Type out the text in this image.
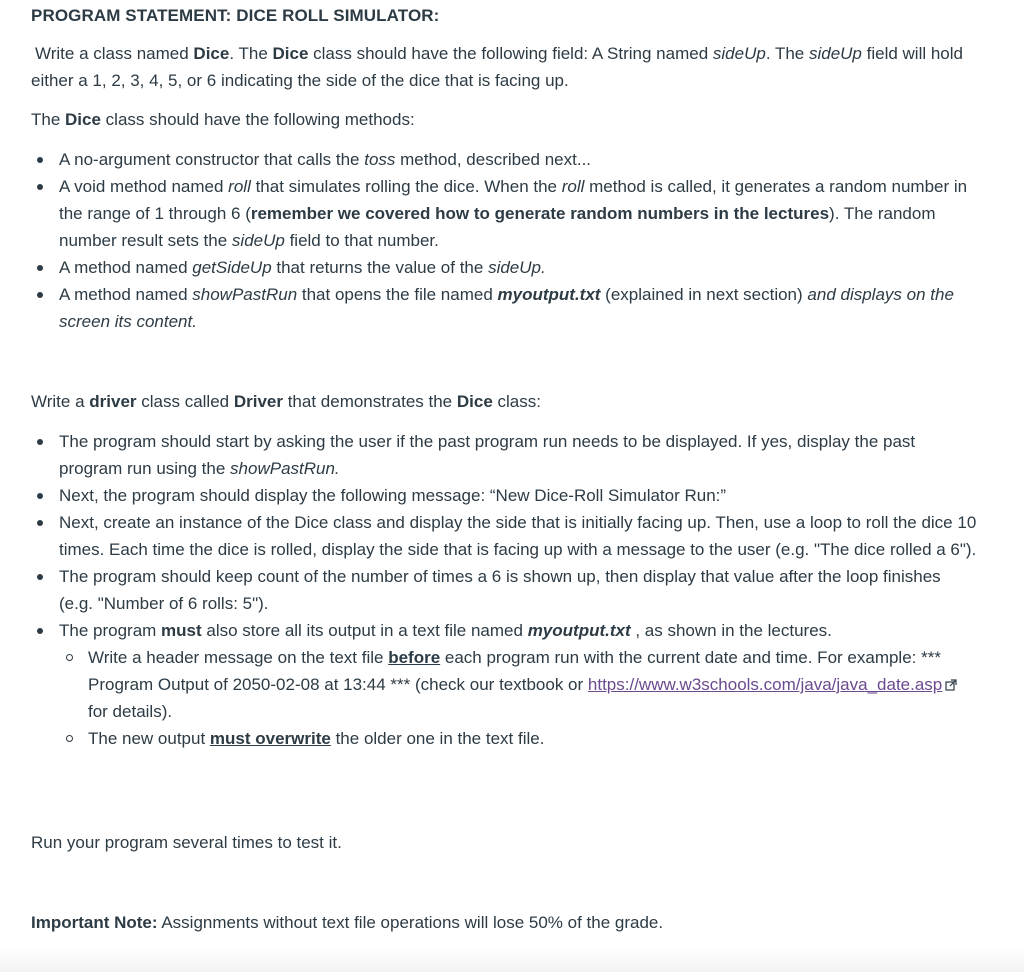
PROGRAM STATEMENT: DICE ROLL SIMULATOR:

Write a class named Dice. The Dice class should have the following field: A String named sideUp. The sideUp field will hold either a 1, 2, 3, 4, 5, or 6 indicating the side of the dice that is facing up.

The Dice class should have the following methods:

A no-argument constructor that calls the toss method, described next...
A void method named roll that simulates rolling the dice. When the roll method is called, it generates a random number in the range of 1 through 6 (remember we covered how to generate random numbers in the lectures). The random number result sets the sideUp field to that number.
A method named getSideUp that returns the value of the sideUp.
A method named showPastRun that opens the file named myoutput.txt (explained in next section) and displays on the screen its content.

Write a driver class called Driver that demonstrates the Dice class:

The program should start by asking the user if the past program run needs to be displayed. If yes, display the past program run using the showPastRun.
Next, the program should display the following message: “New Dice-Roll Simulator Run:”
Next, create an instance of the Dice class and display the side that is initially facing up. Then, use a loop to roll the dice 10 times. Each time the dice is rolled, display the side that is facing up with a message to the user (e.g. "The dice rolled a 6").
The program should keep count of the number of times a 6 is shown up, then display that value after the loop finishes (e.g. "Number of 6 rolls: 5").
The program must also store all its output in a text file named myoutput.txt , as shown in the lectures.
Write a header message on the text file before each program run with the current date and time. For example: *** Program Output of 2050-02-08 at 13:44 *** (check our textbook or https://www.w3schools.com/java/java_date.aspfor details).
The new output must overwrite the older one in the text file.

Run your program several times to test it.

Important Note: Assignments without text file operations will lose 50% of the grade.
